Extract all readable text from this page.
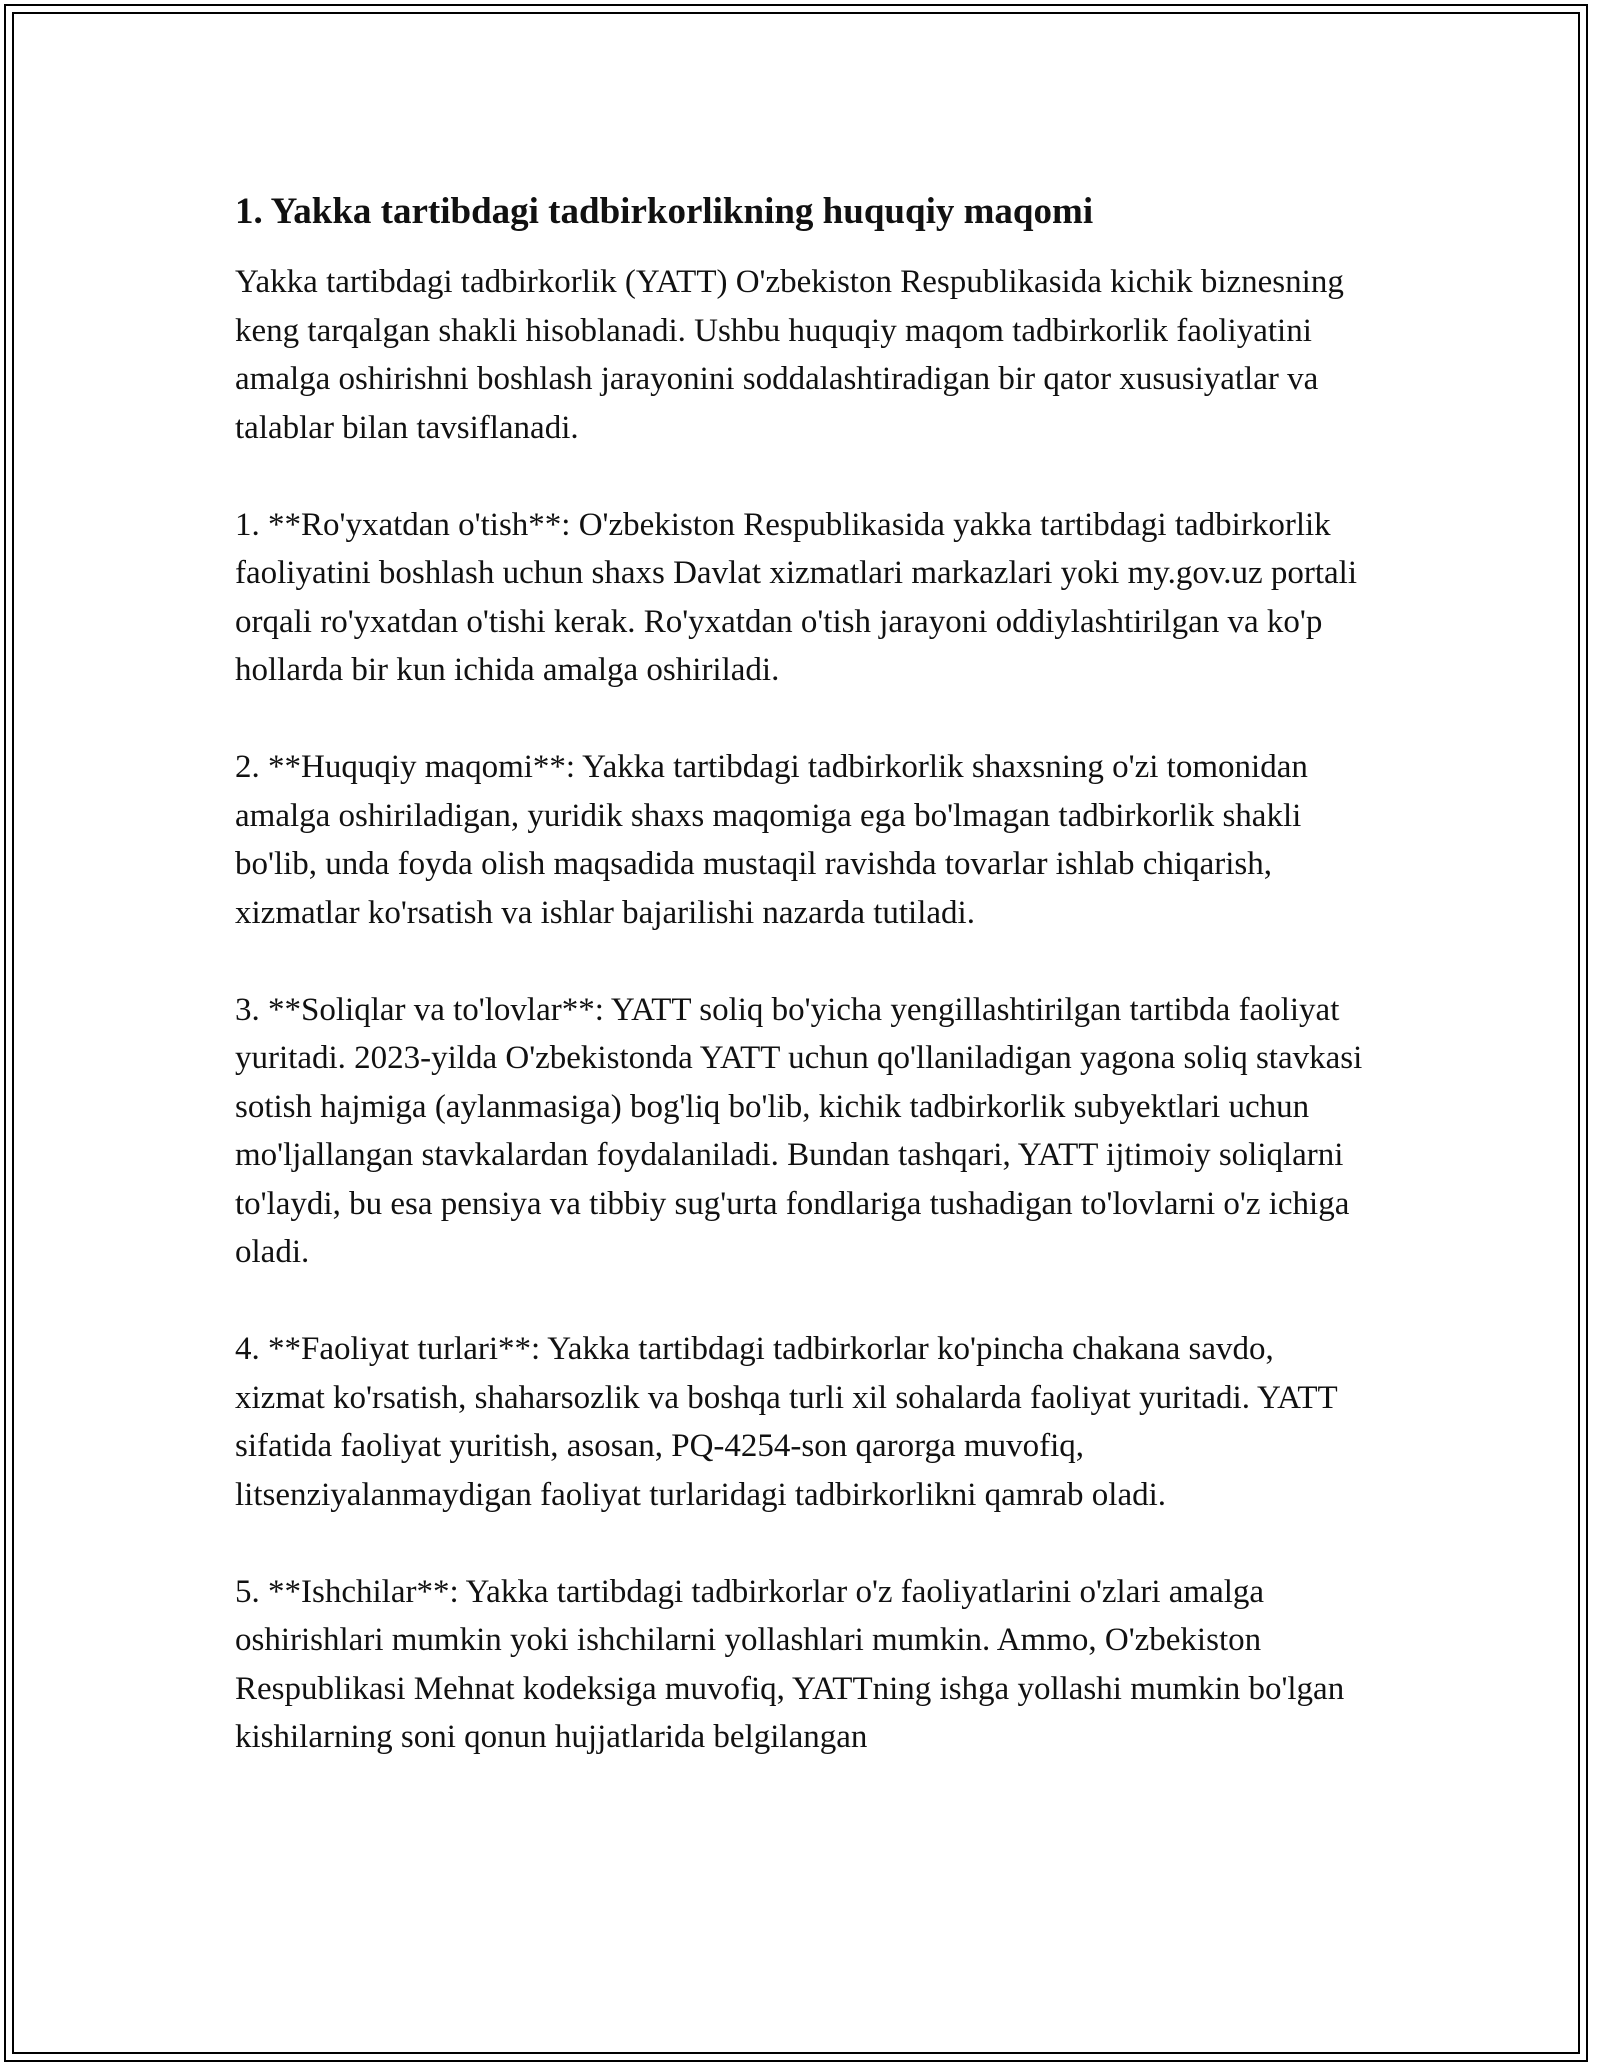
1. Yakka tartibdagi tadbirkorlikning huquqiy maqomi

Yakka tartibdagi tadbirkorlik (YATT) O'zbekiston Respublikasida kichik biznesning keng tarqalgan shakli hisoblanadi. Ushbu huquqiy maqom tadbirkorlik faoliyatini amalga oshirishni boshlash jarayonini soddalashtiradigan bir qator xususiyatlar va talablar bilan tavsiflanadi.

1. **Ro'yxatdan o'tish**: O'zbekiston Respublikasida yakka tartibdagi tadbirkorlik faoliyatini boshlash uchun shaxs Davlat xizmatlari markazlari yoki my.gov.uz portali orqali ro'yxatdan o'tishi kerak. Ro'yxatdan o'tish jarayoni oddiylashtirilgan va ko'p hollarda bir kun ichida amalga oshiriladi.

2. **Huquqiy maqomi**: Yakka tartibdagi tadbirkorlik shaxsning o'zi tomonidan amalga oshiriladigan, yuridik shaxs maqomiga ega bo'lmagan tadbirkorlik shakli bo'lib, unda foyda olish maqsadida mustaqil ravishda tovarlar ishlab chiqarish, xizmatlar ko'rsatish va ishlar bajarilishi nazarda tutiladi.

3. **Soliqlar va to'lovlar**: YATT soliq bo'yicha yengillashtirilgan tartibda faoliyat yuritadi. 2023-yilda O'zbekistonda YATT uchun qo'llaniladigan yagona soliq stavkasi sotish hajmiga (aylanmasiga) bog'liq bo'lib, kichik tadbirkorlik subyektlari uchun mo'ljallangan stavkalardan foydalaniladi. Bundan tashqari, YATT ijtimoiy soliqlarni to'laydi, bu esa pensiya va tibbiy sug'urta fondlariga tushadigan to'lovlarni o'z ichiga oladi.

4. **Faoliyat turlari**: Yakka tartibdagi tadbirkorlar ko'pincha chakana savdo, xizmat ko'rsatish, shaharsozlik va boshqa turli xil sohalarda faoliyat yuritadi. YATT sifatida faoliyat yuritish, asosan, PQ-4254-son qarorga muvofiq, litsenziyalanmaydigan faoliyat turlaridagi tadbirkorlikni qamrab oladi.

5. **Ishchilar**: Yakka tartibdagi tadbirkorlar o'z faoliyatlarini o'zlari amalga oshirishlari mumkin yoki ishchilarni yollashlari mumkin. Ammo, O'zbekiston Respublikasi Mehnat kodeksiga muvofiq, YATTning ishga yollashi mumkin bo'lgan kishilarning soni qonun hujjatlarida belgilangan
